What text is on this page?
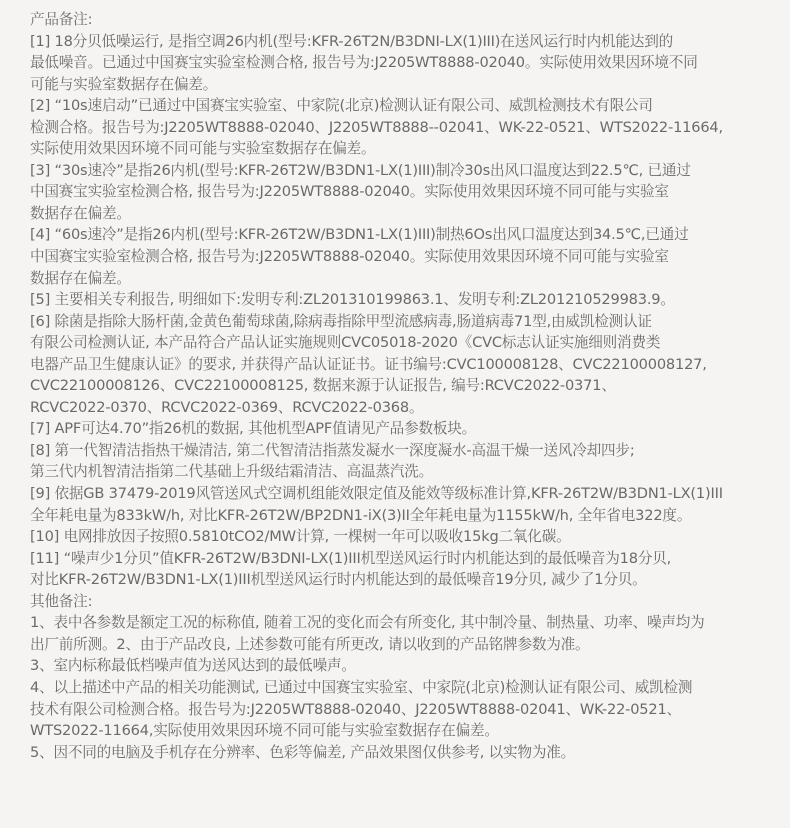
产品备注:
[1] 18分贝低噪运行, 是指空调26内机(型号:KFR-26T2N/B3DNI-LX(1)III)在送风运行时内机能达到的
最低噪音。已通过中国赛宝实验室检测合格, 报告号为:J2205WT8888-02040。实际使用效果因环境不同
可能与实验室数据存在偏差。
[2] “10s速启动”已通过中国赛宝实验室、中家院(北京)检测认证有限公司、威凯检测技术有限公司
检测合格。报告号为:J2205WT8888-02040、J2205WT8888--02041、WK-22-0521、WTS2022-11664,
实际使用效果因环境不同可能与实验室数据存在偏差。
[3] “30s速冷”是指26内机(型号:KFR-26T2W/B3DN1-LX(1)III)制冷30s出风口温度达到22.5℃, 已通过
中国赛宝实验室检测合格, 报告号为:J2205WT8888-02040。实际使用效果因环境不同可能与实验室
数据存在偏差。
[4] “60s速冷”是指26内机(型号:KFR-26T2W/B3DN1-LX(1)III)制热6Os出风口温度达到34.5℃,已通过
中国赛宝实验室检测合格, 报告号为:J2205WT8888-02040。实际使用效果因环境不同可能与实验室
数据存在偏差。
[5] 主要相关专利报告, 明细如下:发明专利:ZL201310199863.1、发明专利:ZL201210529983.9。
[6] 除菌是指除大肠杆菌,金黄色葡萄球菌,除病毒指除甲型流感病毒,肠道病毒71型,由威凯检测认证
有限公司检测认证, 本产品符合产品认证实施规则CVC05018-2020《CVC标志认证实施细则消费类
电器产品卫生健康认证》的要求, 并获得产品认证证书。证书编号:CVC100008128、CVC22100008127,
CVC22100008126、CVC22100008125, 数据来源于认证报告, 编号:RCVC2022-0371、
RCVC2022-0370、RCVC2022-0369、RCVC2022-0368。
[7] APF可达4.70”指26机的数据, 其他机型APF值请见产品参数板块。
[8] 第一代智清洁指热干燥清洁, 第二代智清洁指蒸发凝水一深度凝水-高温干燥一送风冷却四步;
第三代内机智清洁指第二代基础上升级结霜清洁、高温蒸汽洗。
[9] 依据GB 37479-2019风管送风式空调机组能效限定值及能效等级标准计算,KFR-26T2W/B3DN1-LX(1)III
全年耗电量为833kW/h, 对比KFR-26T2W/BP2DN1-iX(3)II全年耗电量为1155kW/h, 全年省电322度。
[10] 电网排放因子按照0.5810tCO2/MW计算, 一棵树一年可以吸收15kg二氧化碳。
[11] “噪声少1分贝”值KFR-26T2W/B3DNI-LX(1)III机型送风运行时内机能达到的最低噪音为18分贝,
对比KFR-26T2W/B3DN1-LX(1)III机型送风运行时内机能达到的最低噪音19分贝, 减少了1分贝。
其他备注:
1、表中各参数是额定工况的标称值, 随着工况的变化而会有所变化, 其中制冷量、制热量、功率、噪声均为
出厂前所测。2、由于产品改良, 上述参数可能有所更改, 请以收到的产品铭牌参数为准。
3、室内标称最低档噪声值为送风达到的最低噪声。
4、以上描述中产品的相关功能测试, 已通过中国赛宝实验室、中家院(北京)检测认证有限公司、威凯检测
技术有限公司检测合格。报告号为:J2205WT8888-02040、J2205WT8888-02041、WK-22-0521、
WTS2022-11664,实际使用效果因环境不同可能与实验室数据存在偏差。
5、因不同的电脑及手机存在分辨率、色彩等偏差, 产品效果图仅供参考, 以实物为准。
